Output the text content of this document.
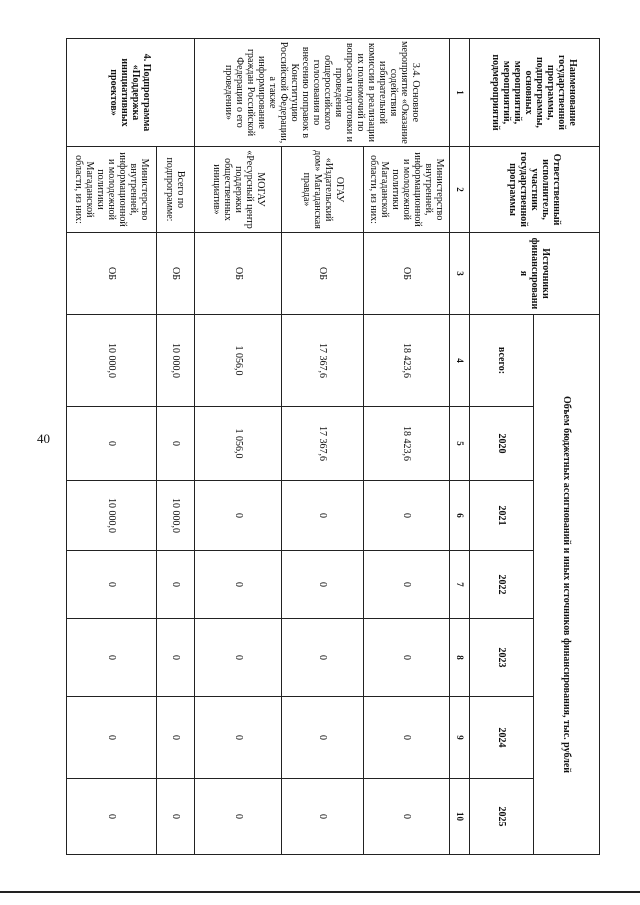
40
Наименование государственной программы, подпрограммы, основных мероприятий, мероприятий, подмероприятий	Ответственный исполнитель, участник государственной программы	Источники финансирования	Объем бюджетных ассигнований и иных источников финансирования, тыс. рублей						
			всего:	2020	2021	2022	2023	2024	2025
1	2	3	4	5	6	7	8	9	10
3.4. Основное мероприятие «Оказание содействия избирательной комиссии в реализации их полномочий по вопросам подготовки и проведения общероссийского голосования по внесению поправок в Конституцию Российской Федерации, а также информирование граждан Российской Федерации о его проведении»	Министерство внутренней, информационной и молодежной политики Магаданской области, из них:	ОБ	18 423,6	18 423,6	0	0	0	0	0
	ОГАУ «Издательский дом» Магаданская правда»	ОБ	17 367,6	17 367,6	0	0	0	0	0
	МОГАУ «Ресурсный центр поддержки общественных инициатив»	ОБ	1 056,0	1 056,0	0	0	0	0	0
4. Подпрограмма «Поддержка инициативных проектов»	Всего по подпрограмме:	ОБ	10 000,0	0	10 000,0	0	0	0	0
	Министерство внутренней, информационной и молодежной политики Магаданской области, из них:	ОБ	10 000,0	0	10 000,0	0	0	0	0
